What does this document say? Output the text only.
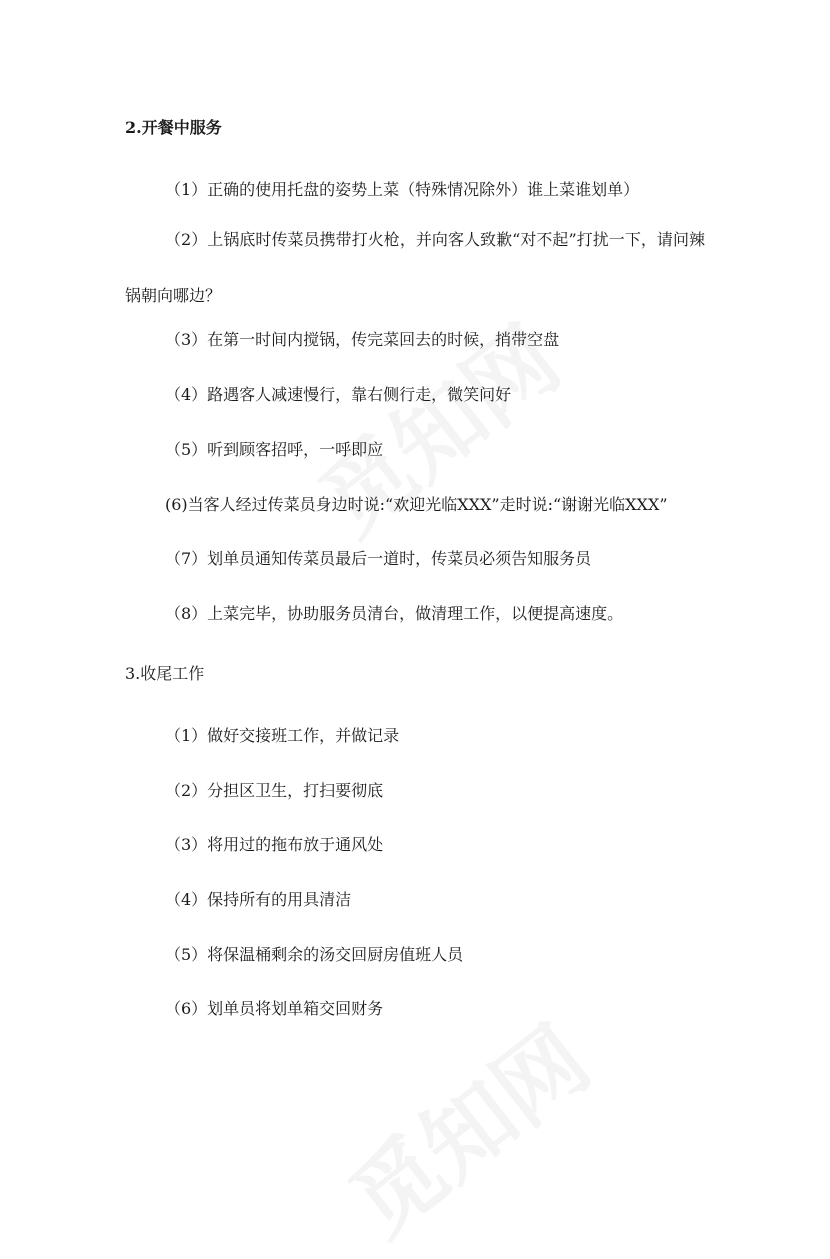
2.开餐中服务
（1）正确的使用托盘的姿势上菜（特殊情况除外）谁上菜谁划单）
（2）上锅底时传菜员携带打火枪，并向客人致歉“对不起”打扰一下，请问辣锅朝向哪边？
（3）在第一时间内搅锅，传完菜回去的时候，捎带空盘
（4）路遇客人减速慢行，靠右侧行走，微笑问好
（5）听到顾客招呼，一呼即应
(6)当客人经过传菜员身边时说:“欢迎光临XXX”走时说:“谢谢光临XXX”
（7）划单员通知传菜员最后一道时，传菜员必须告知服务员
（8）上菜完毕，协助服务员清台，做清理工作，以便提高速度。
3.收尾工作
（1）做好交接班工作，并做记录
（2）分担区卫生，打扫要彻底
（3）将用过的拖布放于通风处
（4）保持所有的用具清洁
（5）将保温桶剩余的汤交回厨房值班人员
（6）划单员将划单箱交回财务
